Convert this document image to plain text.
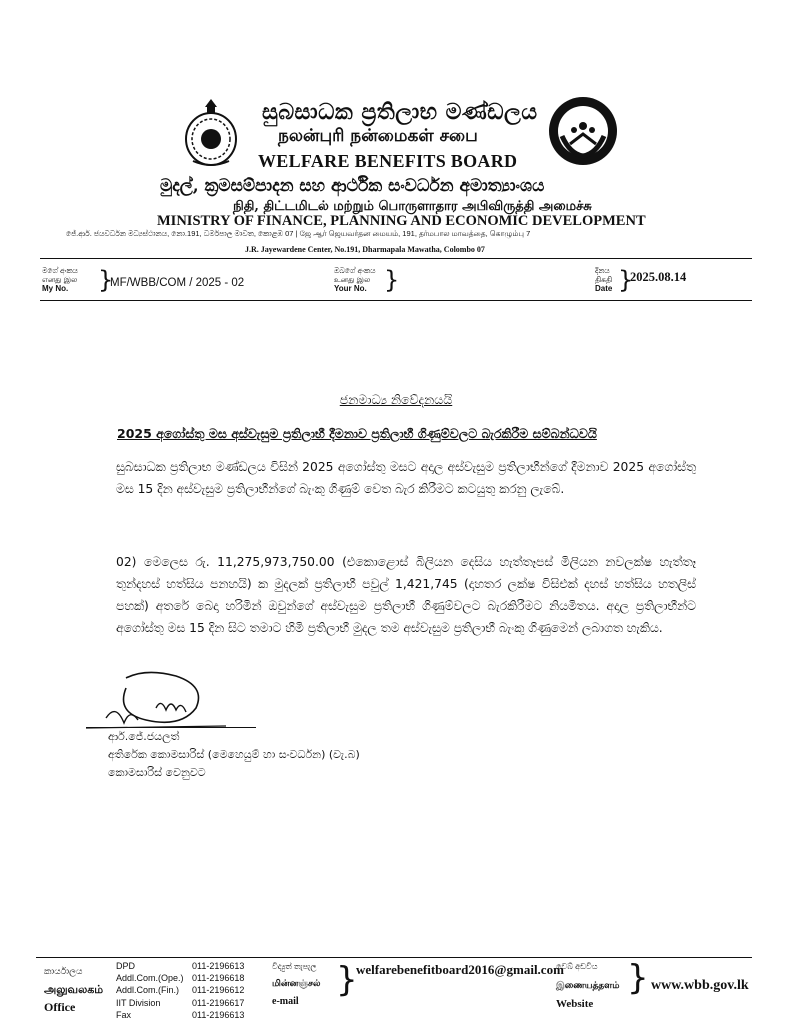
සුබසාධක ප්‍රතිලාභ මණ්ඩලය
நலன்புரி நன்மைகள் சபை
WELFARE BENEFITS BOARD
මුදල්, ක්‍රමසම්පාදන සහ ආර්ථික සංවර්ධන අමාත්‍යාංශය
நிதி, திட்டமிடல் மற்றும் பொருளாதார அபிவிருத்தி அமைச்சு
MINISTRY OF FINANCE, PLANNING AND ECONOMIC DEVELOPMENT
ජේ.ආර්. ජයවර්ධන මධ්‍යස්ථානය, නො.191, ධර්මපාල මාවත, කොළඹ 07 | ஜே ஆர் ஜெயவர்தன மையம், 191, தர்மபால மாவத்தை, கொழும்பு 7
J.R. Jayewardene Center, No.191, Dharmapala Mawatha, Colombo 07
මගේ අංකය
எனது இல
My No.	}
MF/WBB/COM / 2025 - 02
ඔබගේ අංකය
உனது இல
Your No. }	දිනය
திகதி
Date }
2025.08.14
ජනමාධ්‍ය නිවේදනයයි
2025 අගෝස්තු මස අස්වැසුම ප්‍රතිලාභී දීමනාව ප්‍රතිලාභී ගිණුම්වලට බැරකිරීම සම්බන්ධවයි
සුබසාධක ප්‍රතිලාභ මණ්ඩලය විසින් 2025 අගෝස්තු මසට අදාල අස්වැසුම ප්‍රතිලාභීන්ගේ දීමනාව 2025 අගෝස්තු මස 15 දින අස්වැසුම ප්‍රතිලාභීන්ගේ බැංකු ගිණුම් වෙත බැර කිරීමට කටයුතු කරනු ලැබේ.
02) මෙලෙස රු. 11,275,973,750.00 (එකොළොස් බිලියන දෙසිය හැත්තෑපස් මිලියන නවලක්ෂ හැත්තෑ තුන්දහස් හත්සිය පනහයි) ක මුදලක් ප්‍රතිලාභී පවුල් 1,421,745 (දාහතර ලක්ෂ විසිඑක් දහස් හත්සිය හතලිස් පහක්) අතරේ බෙදා හරිමින් ඔවුන්ගේ අස්වැසුම ප්‍රතිලාභී ගිණුම්වලට බැරකිරීමට නියමිතය. අදාල ප්‍රතිලාභීන්ට අගෝස්තු මස 15 දින සිට තමාට හිමි ප්‍රතිලාභී මුදල තම අස්වැසුම ප්‍රතිලාභී බැංකු ගිණුමෙන් ලබාගත හැකිය.
ආර්.ජේ.ජයලත්
අතිරේක කොමසාරිස් (මෙහෙයුම් හා සංවර්ධන) (වැ.බ)
කොමසාරිස් වෙනුවට
කාර්යාලය
அலுவலகம்
Office
DPD
Addl.Com.(Ope.)
Addl.Com.(Fin.)
IIT Division
Fax
011-2196613
011-2196618
011-2196612
011-2196617
011-2196613
විද්‍යුත් තැපැල
மின்னஞ்சல்
e-mail
}
welfarebenefitboard2016@gmail.com
වෙබ් අඩවිය
இணையத்தளம்
Website
} www.wbb.gov.lk
